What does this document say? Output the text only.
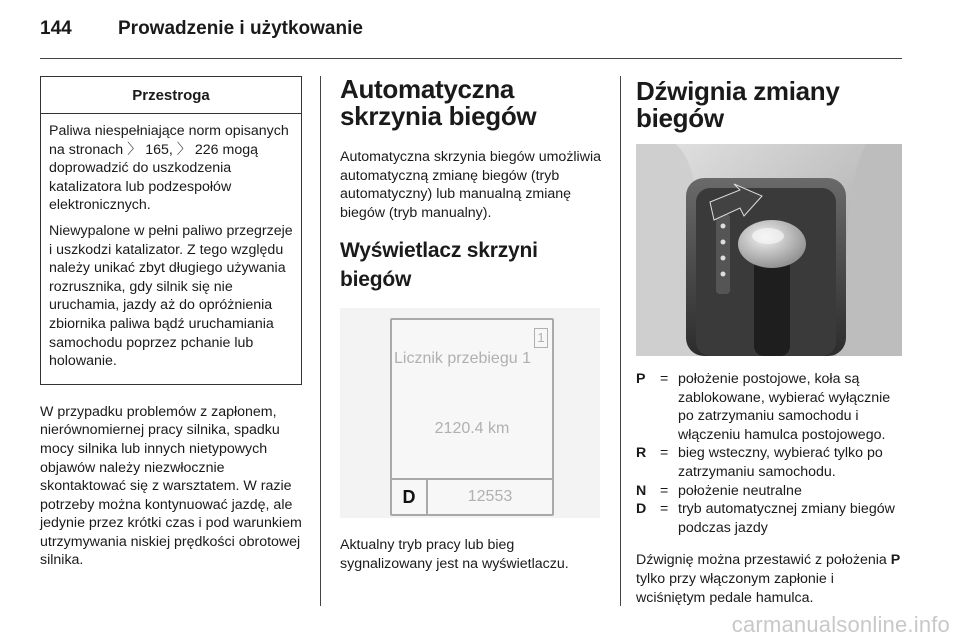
144	Prowadzenie i użytkowanie
Przestroga

Paliwa niespełniające norm opisanych na stronach 〉 165, 〉 226 mogą doprowadzić do uszkodzenia katalizatora lub podzespołów elektronicznych.

Niewypalone w pełni paliwo przegrzeje i uszkodzi katalizator. Z tego względu należy unikać zbyt długiego używania rozrusznika, gdy silnik się nie uruchamia, jazdy aż do opróżnienia zbiornika paliwa bądź uruchamiania samochodu poprzez pchanie lub holowanie.

W przypadku problemów z zapłonem, nierównomiernej pracy silnika, spadku mocy silnika lub innych nietypowych objawów należy niezwłocznie skontaktować się z warsztatem. W razie potrzeby można kontynuować jazdę, ale jedynie przez krótki czas i pod warunkiem utrzymywania niskiej prędkości obrotowej silnika.

Automatyczna skrzynia biegów

Automatyczna skrzynia biegów umożliwia automatyczną zmianę biegów (tryb automatyczny) lub manualną zmianę biegów (tryb manualny).

Wyświetlacz skrzyni biegów
Licznik przebiegu 1
1
2120.4 km
D	12553

Aktualny tryb pracy lub bieg sygnalizowany jest na wyświetlaczu.

Dźwignia zmiany biegów
P	= położenie postojowe, koła są zablokowane, wybierać wyłącznie po zatrzymaniu samochodu i włączeniu hamulca postojowego.
R = bieg wsteczny, wybierać tylko po zatrzymaniu samochodu.
N = położenie neutralne
D = tryb automatycznej zmiany biegów podczas jazdy

Dźwignię można przestawić z położenia P tylko przy włączonym zapłonie i wciśniętym pedale hamulca.

carmanualsonline.info
